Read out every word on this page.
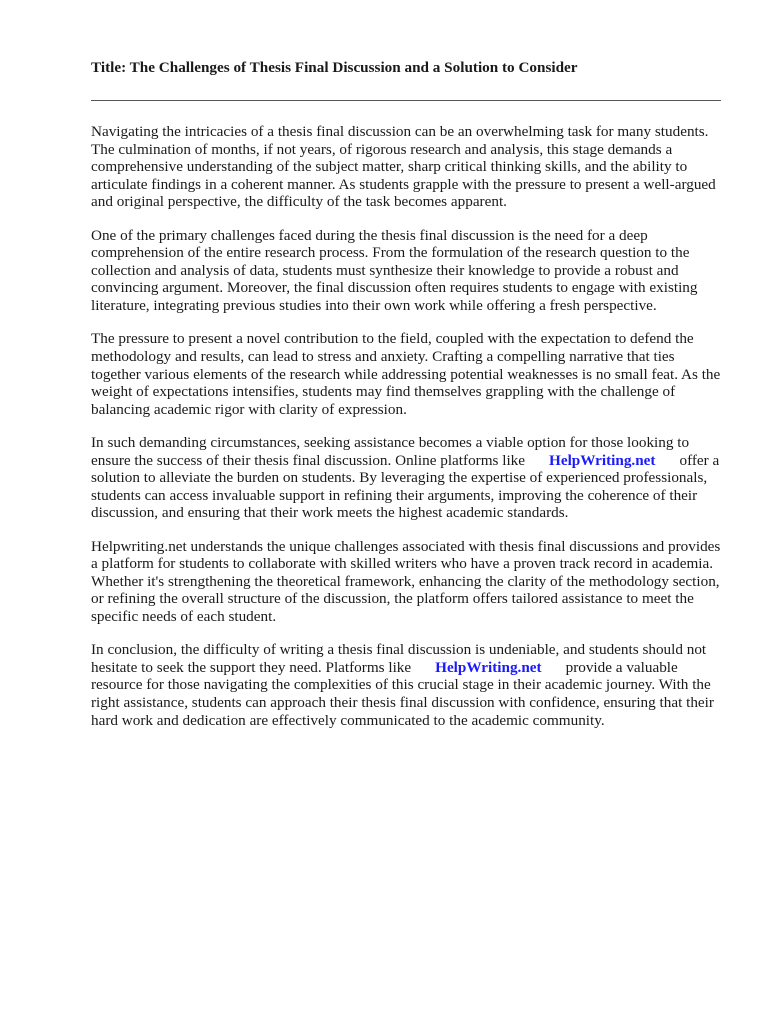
Title: The Challenges of Thesis Final Discussion and a Solution to Consider

Navigating the intricacies of a thesis final discussion can be an overwhelming task for many students. The culmination of months, if not years, of rigorous research and analysis, this stage demands a comprehensive understanding of the subject matter, sharp critical thinking skills, and the ability to articulate findings in a coherent manner. As students grapple with the pressure to present a well-argued and original perspective, the difficulty of the task becomes apparent.

One of the primary challenges faced during the thesis final discussion is the need for a deep comprehension of the entire research process. From the formulation of the research question to the collection and analysis of data, students must synthesize their knowledge to provide a robust and convincing argument. Moreover, the final discussion often requires students to engage with existing literature, integrating previous studies into their own work while offering a fresh perspective.

The pressure to present a novel contribution to the field, coupled with the expectation to defend the methodology and results, can lead to stress and anxiety. Crafting a compelling narrative that ties together various elements of the research while addressing potential weaknesses is no small feat. As the weight of expectations intensifies, students may find themselves grappling with the challenge of balancing academic rigor with clarity of expression.

In such demanding circumstances, seeking assistance becomes a viable option for those looking to ensure the success of their thesis final discussion. Online platforms like HelpWriting.net offer a solution to alleviate the burden on students. By leveraging the expertise of experienced professionals, students can access invaluable support in refining their arguments, improving the coherence of their discussion, and ensuring that their work meets the highest academic standards.

Helpwriting.net understands the unique challenges associated with thesis final discussions and provides a platform for students to collaborate with skilled writers who have a proven track record in academia. Whether it's strengthening the theoretical framework, enhancing the clarity of the methodology section, or refining the overall structure of the discussion, the platform offers tailored assistance to meet the specific needs of each student.

In conclusion, the difficulty of writing a thesis final discussion is undeniable, and students should not hesitate to seek the support they need. Platforms like HelpWriting.net provide a valuable resource for those navigating the complexities of this crucial stage in their academic journey. With the right assistance, students can approach their thesis final discussion with confidence, ensuring that their hard work and dedication are effectively communicated to the academic community.
